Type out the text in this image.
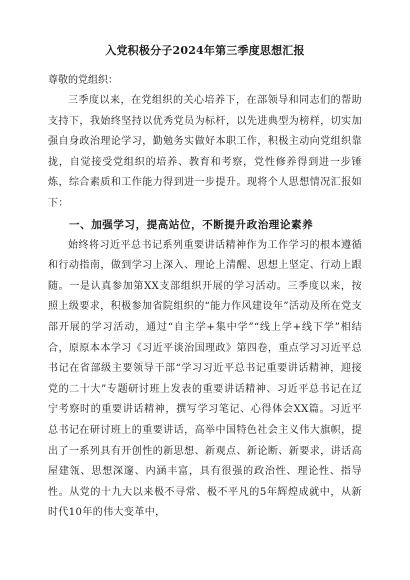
入党积极分子2024年第三季度思想汇报

尊敬的党组织：

三季度以来，在党组织的关心培养下，在部领导和同志们的帮助支持下，我始终坚持以优秀党员为标杆，以先进典型为榜样，切实加强自身政治理论学习，勤勉务实做好本职工作，积极主动向党组织靠拢，自觉接受党组织的培养、教育和考察，党性修养得到进一步锤炼，综合素质和工作能力得到进一步提升。现将个人思想情况汇报如下：

一、加强学习，提高站位，不断提升政治理论素养

始终将习近平总书记系列重要讲话精神作为工作学习的根本遵循和行动指南，做到学习上深入、理论上清醒、思想上坚定、行动上跟随。一是认真参加第XX支部组织开展的学习活动。三季度以来，按照上级要求，积极参加省院组织的“能力作风建设年”活动及所在党支部开展的学习活动，通过“自主学+集中学”“线上学+线下学”相结合，原原本本学习《习近平谈治国理政》第四卷，重点学习习近平总书记在省部级主要领导干部“学习习近平总书记重要讲话精神，迎接党的二十大”专题研讨班上发表的重要讲话精神、习近平总书记在辽宁考察时的重要讲话精神，撰写学习笔记、心得体会XX篇。习近平总书记在研讨班上的重要讲话，高举中国特色社会主义伟大旗帜，提出了一系列具有开创性的新思想、新观点、新论断、新要求，讲话高屋建瓴、思想深邃、内涵丰富，具有很强的政治性、理论性、指导性。从党的十九大以来极不寻常、极不平凡的5年辉煌成就中，从新时代10年的伟大变革中，
